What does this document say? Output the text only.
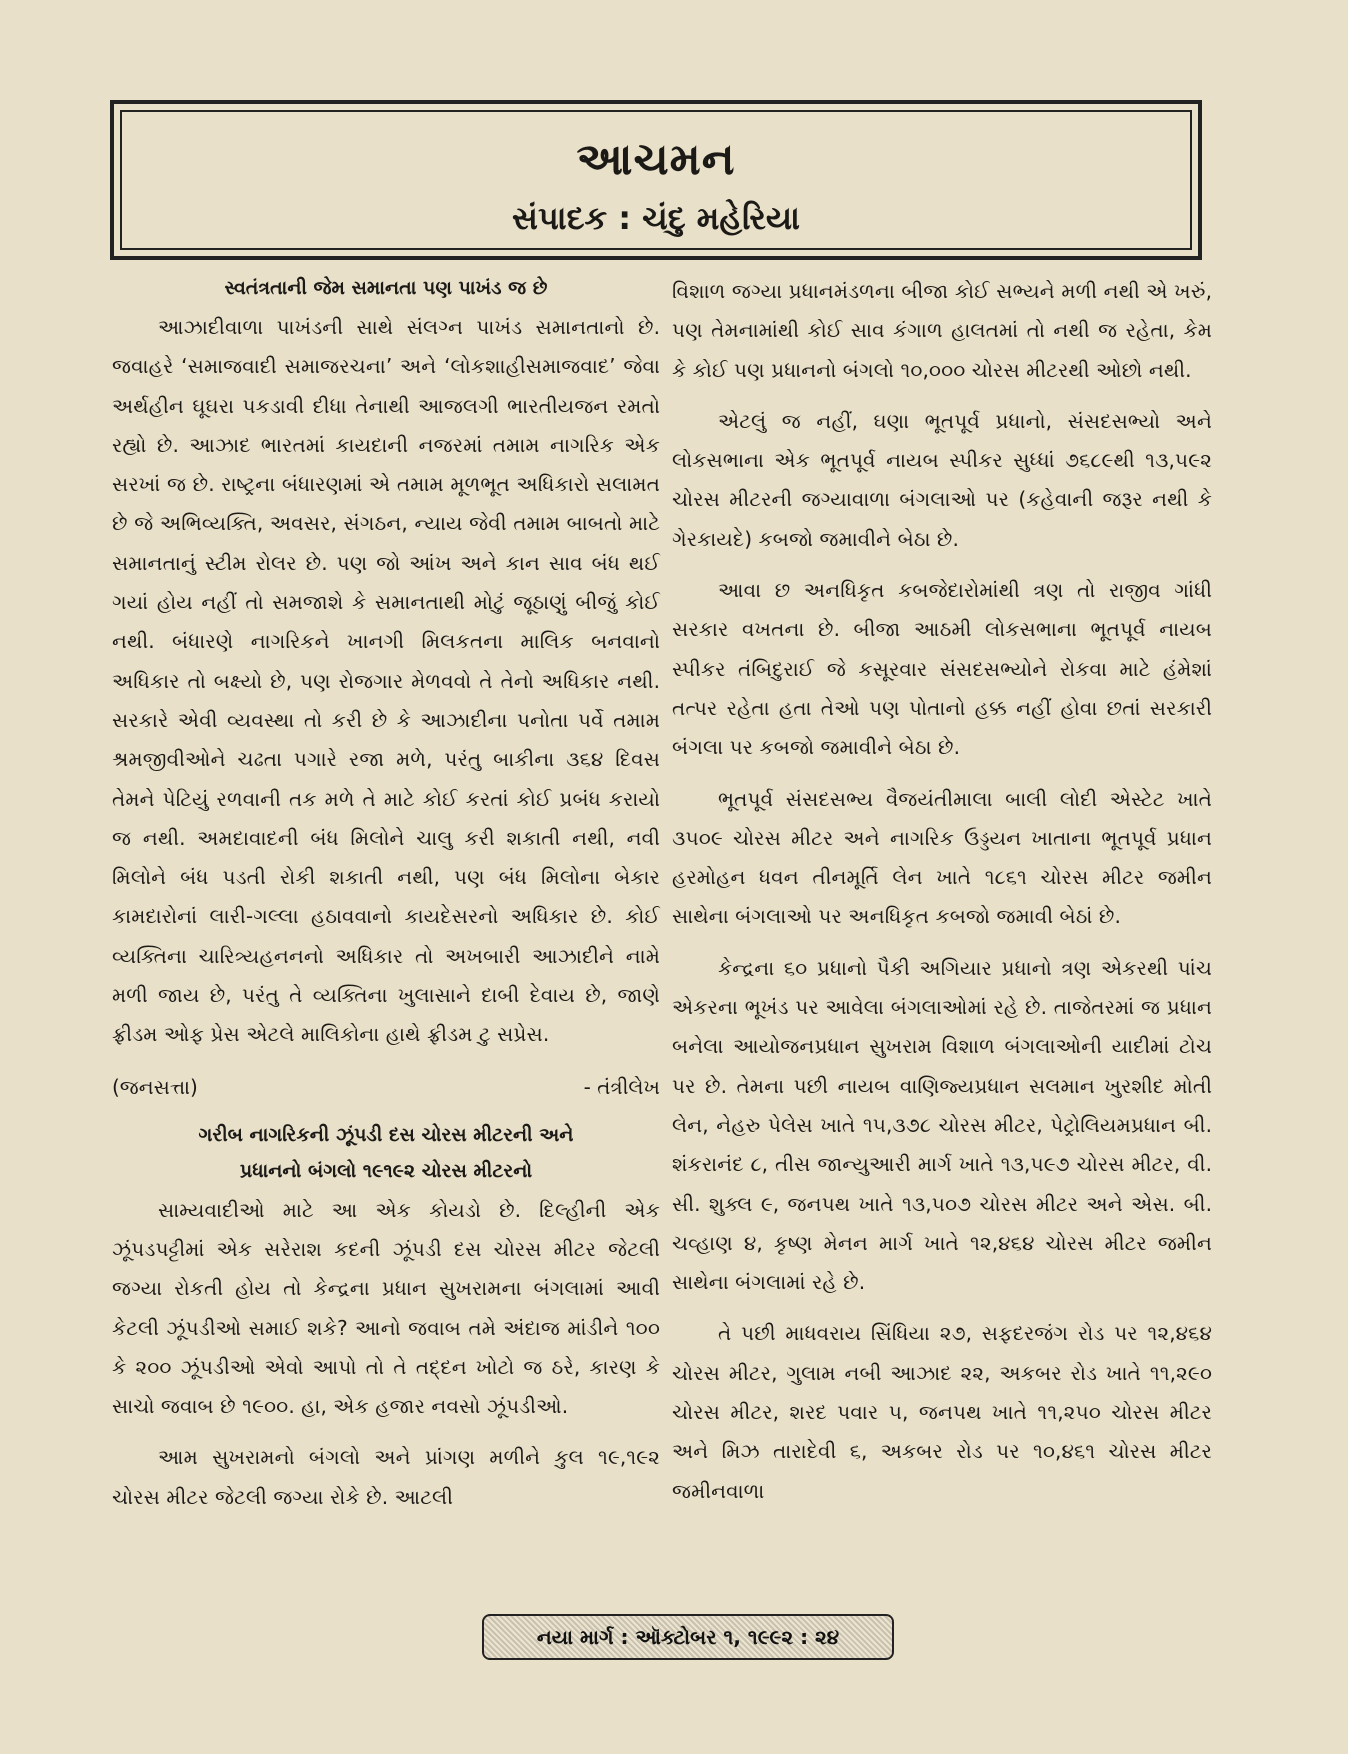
આચમન
સંપાદક : ચંદુ મહેરિયા
સ્વતંત્રતાની જેમ સમાનતા પણ પાખંડ જ છે

આઝાદીવાળા પાખંડની સાથે સંલગ્ન પાખંડ સમાનતાનો છે. જવાહરે ‘સમાજવાદી સમાજરચના’ અને ‘લોકશાહીસમાજવાદ’ જેવા અર્થહીન ઘૂઘરા પકડાવી દીધા તેનાથી આજલગી ભારતીયજન રમતો રહ્યો છે. આઝાદ ભારતમાં કાયદાની નજરમાં તમામ નાગરિક એક સરખાં જ છે. રાષ્ટ્રના બંધારણમાં એ તમામ મૂળભૂત અધિકારો સલામત છે જે અભિવ્યક્તિ, અવસર, સંગઠન, ન્યાય જેવી તમામ બાબતો માટે સમાનતાનું સ્ટીમ રોલર છે. પણ જો આંખ અને કાન સાવ બંધ થઈ ગયાં હોય નહીં તો સમજાશે કે સમાનતાથી મોટું જૂઠાણું બીજું કોઈ નથી. બંધારણે નાગરિકને ખાનગી મિલકતના માલિક બનવાનો અધિકાર તો બક્ષ્યો છે, પણ રોજગાર મેળવવો તે તેનો અધિકાર નથી. સરકારે એવી વ્યવસ્થા તો કરી છે કે આઝાદીના પનોતા પર્વે તમામ શ્રમજીવીઓને ચઢતા પગારે રજા મળે, પરંતુ બાકીના ૩૬૪ દિવસ તેમને પેટિયું રળવાની તક મળે તે માટે કોઈ કરતાં કોઈ પ્રબંધ કરાયો જ નથી. અમદાવાદની બંધ મિલોને ચાલુ કરી શકાતી નથી, નવી મિલોને બંધ પડતી રોકી શકાતી નથી, પણ બંધ મિલોના બેકાર કામદારોનાં લારી-ગલ્લા હઠાવવાનો કાયદેસરનો અધિકાર છે. કોઈ વ્યક્તિના ચારિત્ર્યહનનનો અધિકાર તો અખબારી આઝાદીને નામે મળી જાય છે, પરંતુ તે વ્યક્તિના ખુલાસાને દાબી દેવાય છે, જાણે ફ્રીડમ ઓફ પ્રેસ એટલે માલિકોના હાથે ફ્રીડમ ટુ સપ્રેસ.

(જનસત્તા)	- તંત્રીલેખ
ગરીબ નાગરિકની ઝૂંપડી દસ ચોરસ મીટરની અને
પ્રધાનનો બંગલો ૧૯૧૯૨ ચોરસ મીટરનો

સામ્યવાદીઓ માટે આ એક કોયડો છે. દિલ્હીની એક ઝૂંપડપટ્ટીમાં એક સરેરાશ કદની ઝૂંપડી દસ ચોરસ મીટર જેટલી જગ્યા રોકતી હોય તો કેન્દ્રના પ્રધાન સુખરામના બંગલામાં આવી કેટલી ઝૂંપડીઓ સમાઈ શકે? આનો જવાબ તમે અંદાજ માંડીને ૧૦૦ કે ૨૦૦ ઝૂંપડીઓ એવો આપો તો તે તદ્દન ખોટો જ ઠરે, કારણ કે સાચો જવાબ છે ૧૯૦૦. હા, એક હજાર નવસો ઝૂંપડીઓ.

આમ સુખરામનો બંગલો અને પ્રાંગણ મળીને કુલ ૧૯,૧૯૨ ચોરસ મીટર જેટલી જગ્યા રોકે છે. આટલી

વિશાળ જગ્યા પ્રધાનમંડળના બીજા કોઈ સભ્યને મળી નથી એ ખરું, પણ તેમનામાંથી કોઈ સાવ કંગાળ હાલતમાં તો નથી જ રહેતા, કેમ કે કોઈ પણ પ્રધાનનો બંગલો ૧૦,૦૦૦ ચોરસ મીટરથી ઓછો નથી.

એટલું જ નહીં, ઘણા ભૂતપૂર્વ પ્રધાનો, સંસદસભ્યો અને લોકસભાના એક ભૂતપૂર્વ નાયબ સ્પીકર સુધ્ધાં ૭૬૮૯થી ૧૩,૫૯૨ ચોરસ મીટરની જગ્યાવાળા બંગલાઓ પર (કહેવાની જરૂર નથી કે ગેરકાયદે) કબજો જમાવીને બેઠા છે.

આવા છ અનધિકૃત કબજેદારોમાંથી ત્રણ તો રાજીવ ગાંધી સરકાર વખતના છે. બીજા આઠમી લોકસભાના ભૂતપૂર્વ નાયબ સ્પીકર તંબિદુરાઈ જે કસૂરવાર સંસદસભ્યોને રોકવા માટે હંમેશાં તત્પર રહેતા હતા તેઓ પણ પોતાનો હક્ક નહીં હોવા છતાં સરકારી બંગલા પર કબજો જમાવીને બેઠા છે.

ભૂતપૂર્વ સંસદસભ્ય વૈજયંતીમાલા બાલી લોદી એસ્ટેટ ખાતે ૩૫૦૯ ચોરસ મીટર અને નાગરિક ઉડ્ડયન ખાતાના ભૂતપૂર્વ પ્રધાન હરમોહન ધવન તીનમૂર્તિ લેન ખાતે ૧૮૬૧ ચોરસ મીટર જમીન સાથેના બંગલાઓ પર અનધિકૃત કબજો જમાવી બેઠાં છે.

કેન્દ્રના ૬૦ પ્રધાનો પૈકી અગિયાર પ્રધાનો ત્રણ એકરથી પાંચ એકરના ભૂખંડ પર આવેલા બંગલાઓમાં રહે છે. તાજેતરમાં જ પ્રધાન બનેલા આયોજનપ્રધાન સુખરામ વિશાળ બંગલાઓની યાદીમાં ટોચ પર છે. તેમના પછી નાયબ વાણિજ્યપ્રધાન સલમાન ખુરશીદ મોતી લેન, નેહરુ પેલેસ ખાતે ૧૫,૩૭૮ ચોરસ મીટર, પેટ્રોલિયમપ્રધાન બી. શંકરાનંદ ૮, તીસ જાન્યુઆરી માર્ગ ખાતે ૧૩,૫૯૭ ચોરસ મીટર, વી. સી. શુક્લ ૯, જનપથ ખાતે ૧૩,૫૦૭ ચોરસ મીટર અને એસ. બી. ચવ્હાણ ૪, કૃષ્ણ મેનન માર્ગ ખાતે ૧૨,૪૬૪ ચોરસ મીટર જમીન સાથેના બંગલામાં રહે છે.

તે પછી માધવરાય સિંધિયા ૨૭, સફદરજંગ રોડ પર ૧૨,૪૬૪ ચોરસ મીટર, ગુલામ નબી આઝાદ ૨૨, અકબર રોડ ખાતે ૧૧,૨૯૦ ચોરસ મીટર, શરદ પવાર ૫, જનપથ ખાતે ૧૧,૨૫૦ ચોરસ મીટર અને મિઝ તારાદેવી ૬, અકબર રોડ પર ૧૦,૪૬૧ ચોરસ મીટર જમીનવાળા

નયા માર્ગ : ઑક્ટોબર ૧, ૧૯૯૨ : ૨૪
